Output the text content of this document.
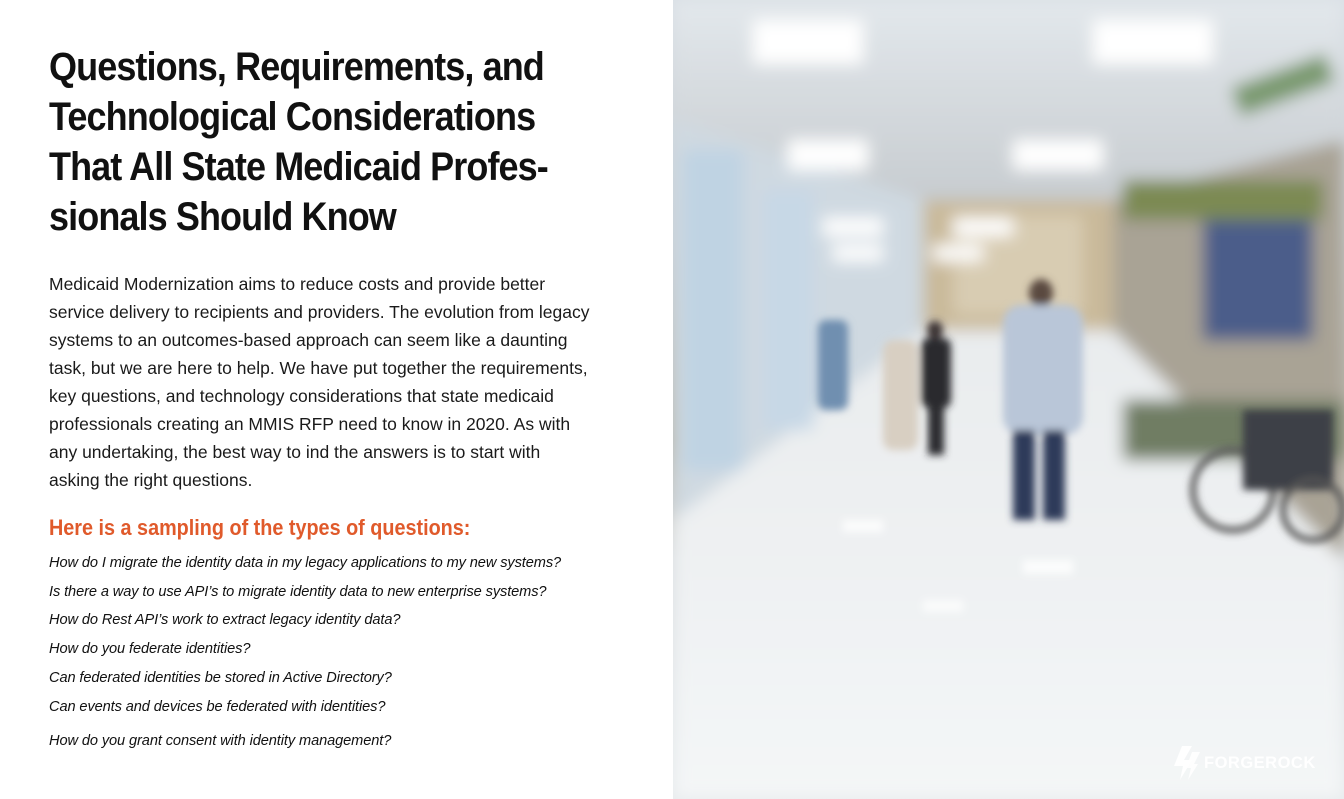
Questions, Requirements, and
Technological Considerations
That All State Medicaid Profes-
sionals Should Know

Medicaid Modernization aims to reduce costs and provide better
service delivery to recipients and providers. The evolution from legacy
systems to an outcomes-based approach can seem like a daunting
task, but we are here to help. We have put together the requirements,
key questions, and technology considerations that state medicaid
professionals creating an MMIS RFP need to know in 2020. As with
any undertaking, the best way to ind the answers is to start with
asking the right questions.

Here is a sampling of the types of questions:
How do I migrate the identity data in my legacy applications to my new systems?
Is there a way to use API’s to migrate identity data to new enterprise systems?
How do Rest API’s work to extract legacy identity data?
How do you federate identities?
Can federated identities be stored in Active Directory?
Can events and devices be federated with identities?
How do you grant consent with identity management?
FORGEROCK
